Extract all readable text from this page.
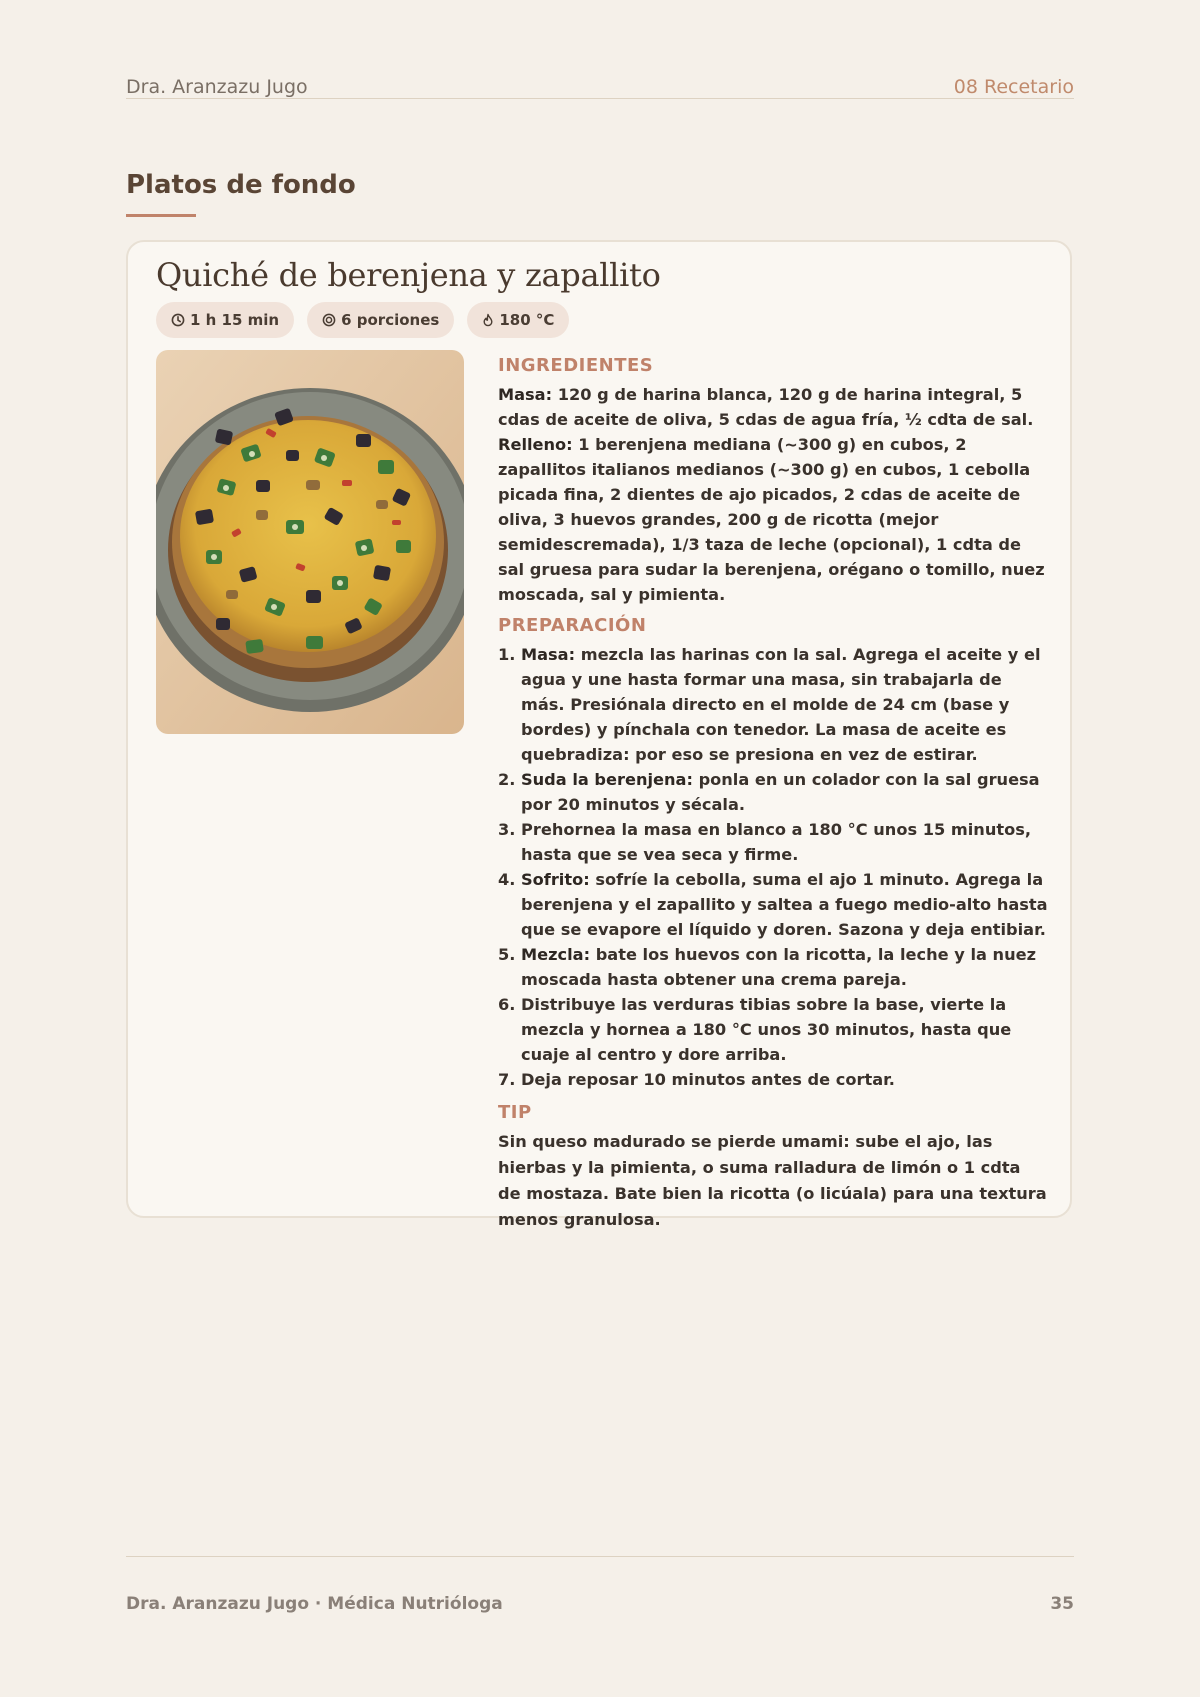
Dra. Aranzazu Jugo	08 Recetario
Platos de fondo
Quiché de berenjena y zapallito
1 h 15 min	6 porciones	180 °C
INGREDIENTES

Masa: 120 g de harina blanca, 120 g de harina integral, 5 cdas de aceite de oliva, 5 cdas de agua fría, ½ cdta de sal. Relleno: 1 berenjena mediana (~300 g) en cubos, 2 zapallitos italianos medianos (~300 g) en cubos, 1 cebolla picada fina, 2 dientes de ajo picados, 2 cdas de aceite de oliva, 3 huevos grandes, 200 g de ricotta (mejor semidescremada), 1/3 taza de leche (opcional), 1 cdta de sal gruesa para sudar la berenjena, orégano o tomillo, nuez moscada, sal y pimienta.

PREPARACIÓN
1. Masa: mezcla las harinas con la sal. Agrega el aceite y el agua y une hasta formar una masa, sin trabajarla de más. Presiónala directo en el molde de 24 cm (base y bordes) y pínchala con tenedor. La masa de aceite es quebradiza: por eso se presiona en vez de estirar.
2. Suda la berenjena: ponla en un colador con la sal gruesa por 20 minutos y sécala.
3. Prehornea la masa en blanco a 180 °C unos 15 minutos, hasta que se vea seca y firme.
4. Sofrito: sofríe la cebolla, suma el ajo 1 minuto. Agrega la berenjena y el zapallito y saltea a fuego medio-alto hasta que se evapore el líquido y doren. Sazona y deja entibiar.
5. Mezcla: bate los huevos con la ricotta, la leche y la nuez moscada hasta obtener una crema pareja.
6. Distribuye las verduras tibias sobre la base, vierte la mezcla y hornea a 180 °C unos 30 minutos, hasta que cuaje al centro y dore arriba.
7. Deja reposar 10 minutos antes de cortar.
TIP

Sin queso madurado se pierde umami: sube el ajo, las hierbas y la pimienta, o suma ralladura de limón o 1 cdta de mostaza. Bate bien la ricotta (o licúala) para una textura menos granulosa.

Dra. Aranzazu Jugo · Médica Nutrióloga	35
